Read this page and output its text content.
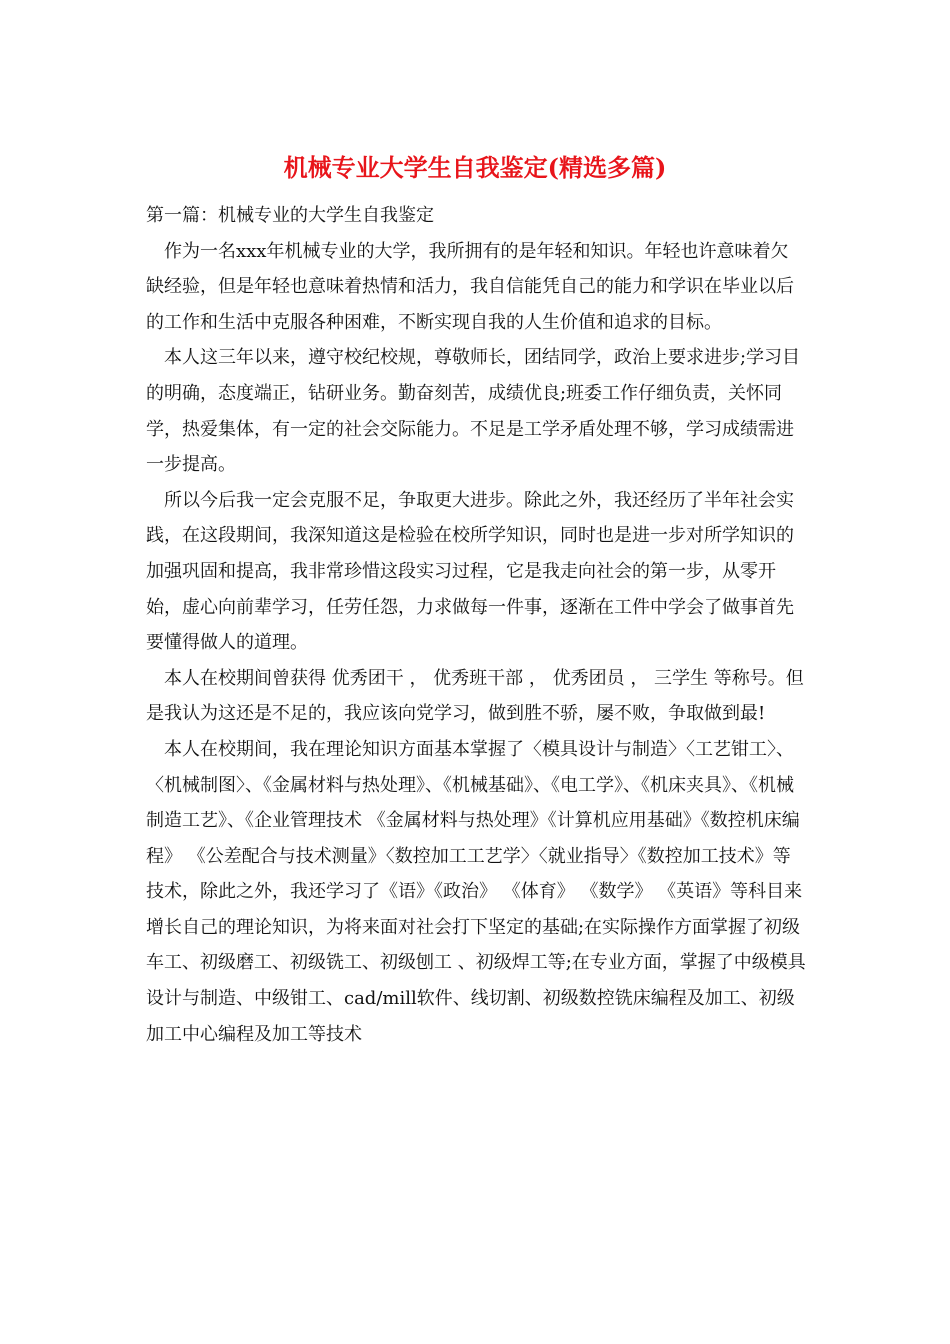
机械专业大学生自我鉴定(精选多篇)

第一篇：机械专业的大学生自我鉴定

作为一名xxx年机械专业的大学，我所拥有的是年轻和知识。年轻也许意味着欠缺经验，但是年轻也意味着热情和活力，我自信能凭自己的能力和学识在毕业以后的工作和生活中克服各种困难，不断实现自我的人生价值和追求的目标。

本人这三年以来，遵守校纪校规，尊敬师长，团结同学，政治上要求进步;学习目的明确，态度端正，钻研业务。勤奋刻苦，成绩优良;班委工作仔细负责，关怀同学，热爱集体，有一定的社会交际能力。不足是工学矛盾处理不够，学习成绩需进一步提高。

所以今后我一定会克服不足，争取更大进步。除此之外，我还经历了半年社会实践，在这段期间，我深知道这是检验在校所学知识，同时也是进一步对所学知识的加强巩固和提高，我非常珍惜这段实习过程，它是我走向社会的第一步，从零开始，虚心向前辈学习，任劳任怨，力求做每一件事，逐渐在工件中学会了做事首先要懂得做人的道理。

本人在校期间曾获得 优秀团干 ， 优秀班干部 ， 优秀团员 ， 三学生 等称号。但是我认为这还是不足的，我应该向党学习，做到胜不骄，屡不败，争取做到最!

本人在校期间，我在理论知识方面基本掌握了〈模具设计与制造〉〈工艺钳工〉、〈机械制图〉、《金属材料与热处理》、《机械基础》、《电工学》、《机床夹具》、《机械制造工艺》、《企业管理技术 《金属材料与热处理》《计算机应用基础》《数控机床编程》 《公差配合与技术测量》〈数控加工工艺学〉〈就业指导〉《数控加工技术》等技术，除此之外，我还学习了《语》《政治》 《体育》 《数学》 《英语》等科目来增长自己的理论知识，为将来面对社会打下坚定的基础;在实际操作方面掌握了初级车工、初级磨工、初级铣工、初级刨工 、初级焊工等;在专业方面，掌握了中级模具设计与制造、中级钳工、cad/mill软件、线切割、初级数控铣床编程及加工、初级加工中心编程及加工等技术
